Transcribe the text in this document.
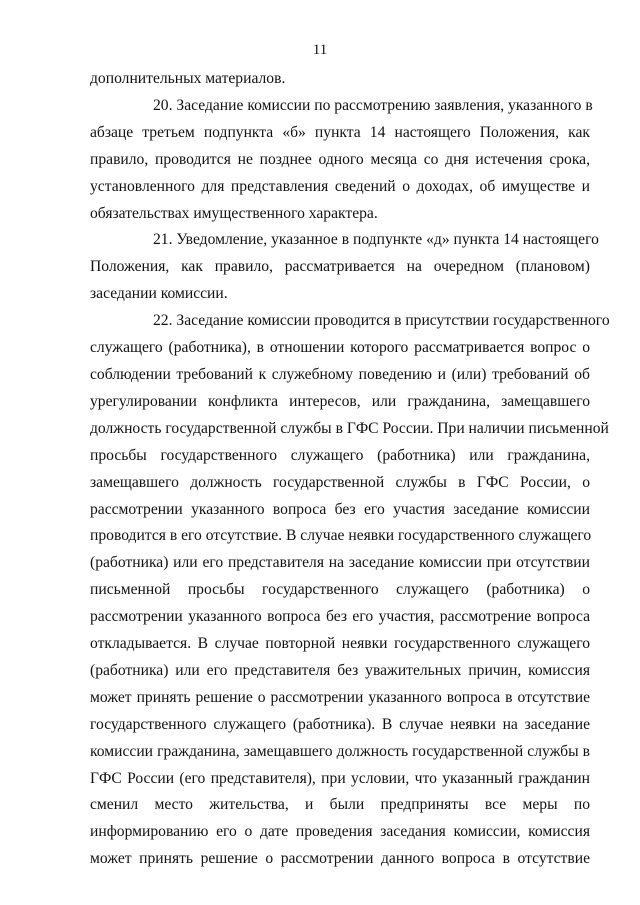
11
дополнительных материалов.
20. Заседание комиссии по рассмотрению заявления, указанного в
абзаце третьем подпункта «б» пункта 14 настоящего Положения, как
правило, проводится не позднее одного месяца со дня истечения срока,
установленного для представления сведений о доходах, об имуществе и
обязательствах имущественного характера.
21. Уведомление, указанное в подпункте «д» пункта 14 настоящего
Положения, как правило, рассматривается на очередном (плановом)
заседании комиссии.
22. Заседание комиссии проводится в присутствии государственного
служащего (работника), в отношении которого рассматривается вопрос о
соблюдении требований к служебному поведению и (или) требований об
урегулировании конфликта интересов, или гражданина, замещавшего
должность государственной службы в ГФС России. При наличии письменной
просьбы государственного служащего (работника) или гражданина,
замещавшего должность государственной службы в ГФС России, о
рассмотрении указанного вопроса без его участия заседание комиссии
проводится в его отсутствие. В случае неявки государственного служащего
(работника) или его представителя на заседание комиссии при отсутствии
письменной просьбы государственного служащего (работника) о
рассмотрении указанного вопроса без его участия, рассмотрение вопроса
откладывается. В случае повторной неявки государственного служащего
(работника) или его представителя без уважительных причин, комиссия
может принять решение о рассмотрении указанного вопроса в отсутствие
государственного служащего (работника). В случае неявки на заседание
комиссии гражданина, замещавшего должность государственной службы в
ГФС России (его представителя), при условии, что указанный гражданин
сменил место жительства, и были предприняты все меры по
информированию его о дате проведения заседания комиссии, комиссия
может принять решение о рассмотрении данного вопроса в отсутствие
